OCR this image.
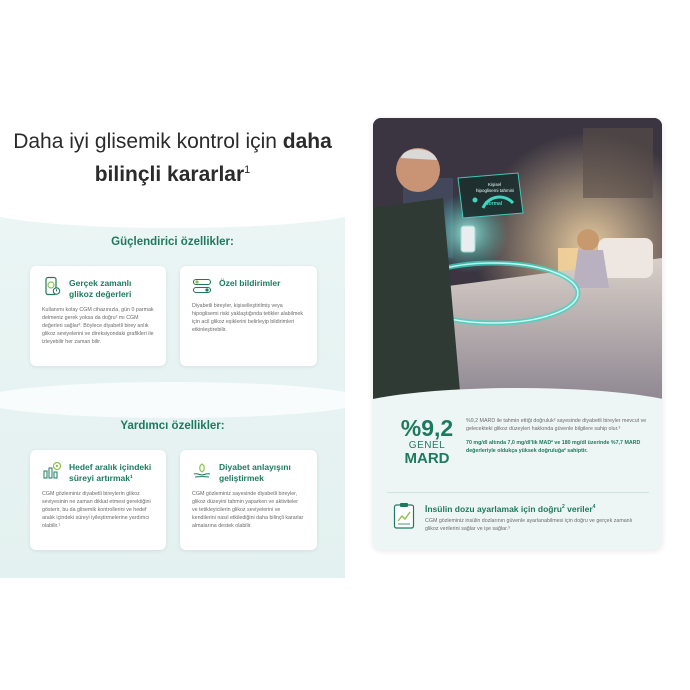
Daha iyi glisemik kontrol için daha
bilinçli kararlar$^1$
Güçlendirici özellikler:
Gerçek zamanlı glikoz değerleri
Kullanımı kolay CGM cihazınızla, gün 0 parmak delmeniz gerek yoksa da doğru² mı CGM değerleri sağlar³. Böylece diyabetli birey anlık glikoz seviyelerini ve direksiyondaki grafikleri ile izleyebilir her zaman bilir.
Özel bildirimler
Diyabetli bireyler, kişiselleştirilmiş veya hipoglisemi riski yaklaştığında tetikler alabilmek için acil glikoz eşiklerini belirleyip bildirimleri etkinleştirebilir.
Yardımcı özellikler:
Hedef aralık içindeki süreyi artırmak¹
CGM gözleminiz diyabetli bireylerin glikoz seviyesinin ne zaman dikkat etmesi gerektiğini gösterir, bu da glisemik kontrollerini ve hedef aralık içindeki süreyi iyileştirmelerine yardımcı olabilir.¹
Diyabet anlayışını geliştirmek
CGM gözleminiz sayesinde diyabetli bireyler, glikoz düzeyini tahmin yaparken ve aktiviteler ve tetikleyicilerin glikoz seviyelerini ve kendilerini nasıl etkilediğini daha bilinçli kararlar almalarına destek olabilir.
Kişisel
hipoglisemi tahmini
Normal
%9,2
GENEL
MARD
%9,2 MARD ile tahmin ettiği doğruluk² sayesinde diyabetli bireyler mevcut ve gelecekteki glikoz düzeyleri hakkında güvenle bilgilere sahip olur.³
70 mg/dl altında 7,0 mg/dl'lik MAD² ve 180 mg/dl üzerinde %7,7 MARD değerleriyle oldukça yüksek doğruluğa² sahiptir.
İnsülin dozu ayarlamak için doğru$^2$ veriler$^4$
CGM gözleminiz insülin dozlarının güvenle ayarlanabilmesi için doğru ve gerçek zamanlı glikoz verilerini sağlar ve işe sağlar.³
